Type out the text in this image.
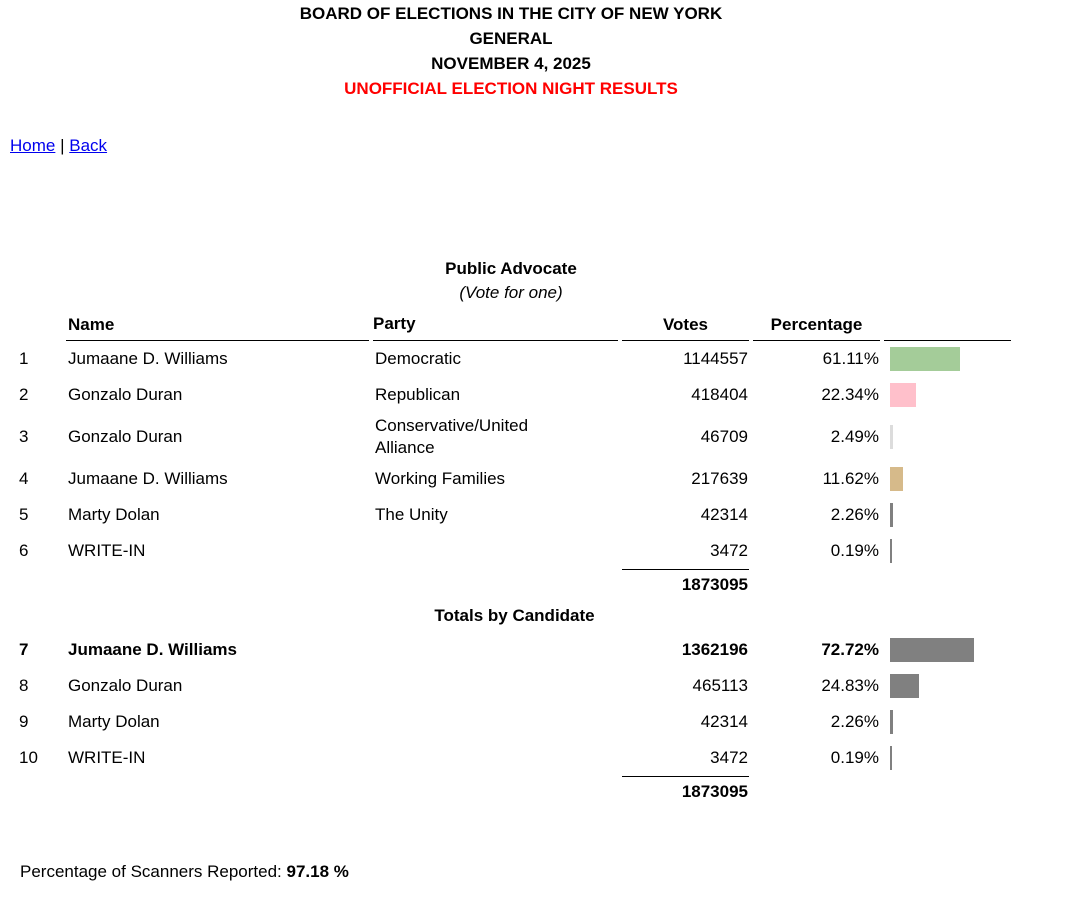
BOARD OF ELECTIONS IN THE CITY OF NEW YORK
GENERAL
NOVEMBER 4, 2025
UNOFFICIAL ELECTION NIGHT RESULTS
Home | Back
Public Advocate
(Vote for one)
	Name	Party	Votes	Percentage	
1	Jumaane D. Williams	Democratic	1144557	61.11%	

2	Gonzalo Duran	Republican	418404	22.34%	

3	Gonzalo Duran	Conservative/United Alliance	46709	2.49%	

4	Jumaane D. Williams	Working Families	217639	11.62%	

5	Marty Dolan	The Unity	42314	2.26%	

6	WRITE-IN		3472	0.19%	

			1873095		
Totals by Candidate					
7	Jumaane D. Williams		1362196	72.72%	

8	Gonzalo Duran		465113	24.83%	

9	Marty Dolan		42314	2.26%	

10	WRITE-IN		3472	0.19%	

			1873095		
Percentage of Scanners Reported: 97.18 %
